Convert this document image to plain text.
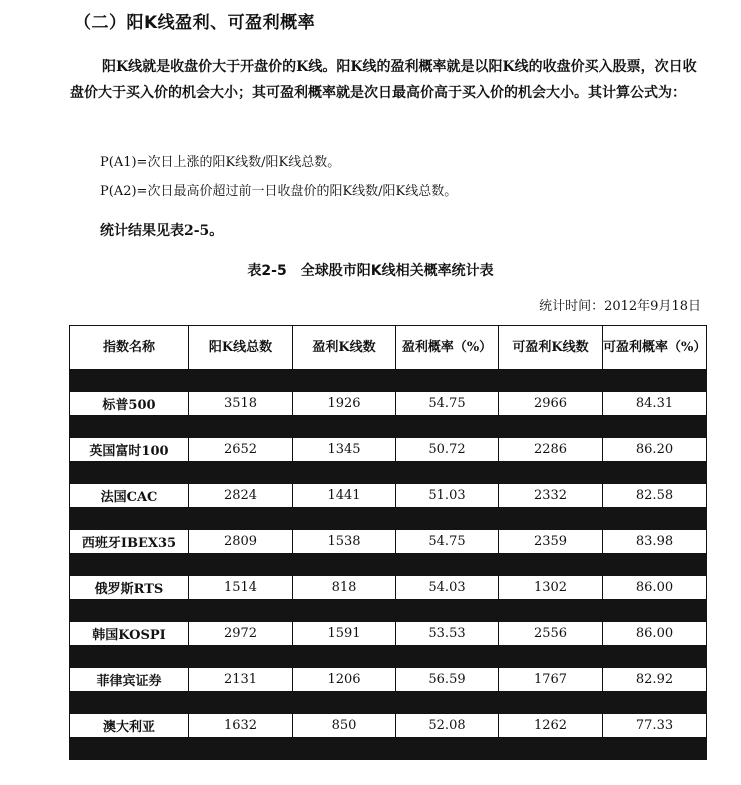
（二）阳K线盈利、可盈利概率
阳K线就是收盘价大于开盘价的K线。阳K线的盈利概率就是以阳K线的收盘价买入股票，次日收盘价大于买入价的机会大小；其可盈利概率就是次日最高价高于买入价的机会大小。其计算公式为：
P(A1)=次日上涨的阳K线数/阳K线总数。
P(A2)=次日最高价超过前一日收盘价的阳K线数/阳K线总数。
统计结果见表2-5。
表2-5　全球股市阳K线相关概率统计表
统计时间：2012年9月18日
指数名称	阳K线总数	盈利K线数	盈利概率（%）	可盈利K线数	可盈利概率（%）

标普500	3518	1926	54.75	2966	84.31

英国富时100	2652	1345	50.72	2286	86.20

法国CAC	2824	1441	51.03	2332	82.58

西班牙IBEX35	2809	1538	54.75	2359	83.98

俄罗斯RTS	1514	818	54.03	1302	86.00

韩国KOSPI	2972	1591	53.53	2556	86.00

菲律宾证券	2131	1206	56.59	1767	82.92

澳大利亚	1632	850	52.08	1262	77.33
